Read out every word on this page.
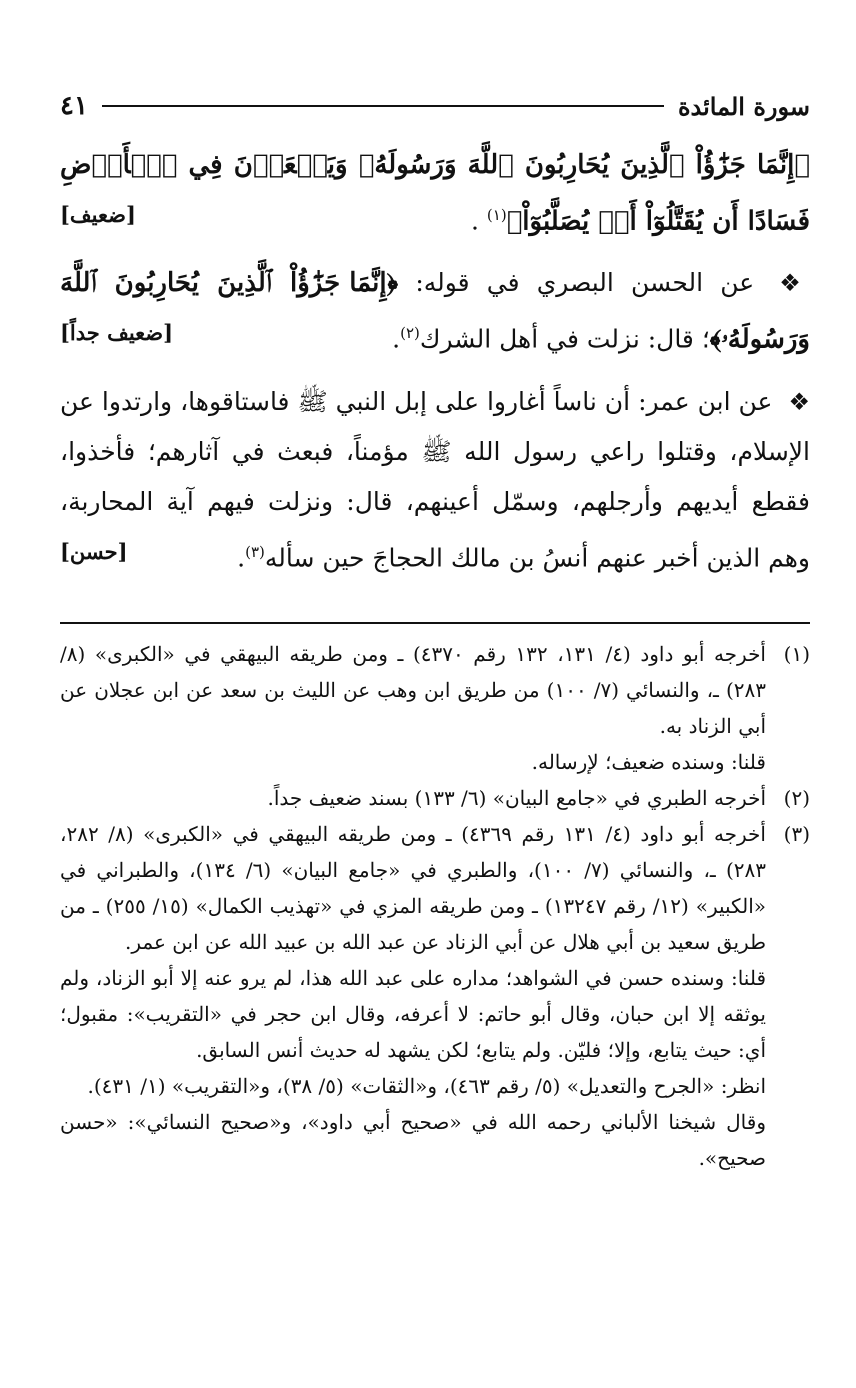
سورة المائدة
٤١

﴿إِنَّمَا جَزَٰٓؤُاْ ٱلَّذِينَ يُحَارِبُونَ ٱللَّهَ وَرَسُولَهُۥ وَيَسۡعَوۡنَ فِي ٱلۡأَرۡضِ فَسَادًا أَن يُقَتَّلُوٓاْ أَوۡ يُصَلَّبُوٓاْ﴾$^{(١)}$ .
[ضعيف]

❖ عن الحسن البصري في قوله: ﴿إِنَّمَا جَزَٰٓؤُاْ ٱلَّذِينَ يُحَارِبُونَ ٱللَّهَ وَرَسُولَهُۥ﴾؛ قال: نزلت في أهل الشرك$^{(٢)}$.
[ضعيف جداً]

❖ عن ابن عمر: أن ناساً أغاروا على إبل النبي ﷺ فاستاقوها، وارتدوا عن الإسلام، وقتلوا راعي رسول الله ﷺ مؤمناً، فبعث في آثارهم؛ فأخذوا، فقطع أيديهم وأرجلهم، وسمّل أعينهم، قال: ونزلت فيهم آية المحاربة، وهم الذين أخبر عنهم أنسُ بن مالك الحجاجَ حين سأله$^{(٣)}$.
[حسن]

(١)

أخرجه أبو داود (٤/ ١٣١، ١٣٢ رقم ٤٣٧٠) ـ ومن طريقه البيهقي في «الكبرى» (٨/ ٢٨٣) ـ، والنسائي (٧/ ١٠٠) من طريق ابن وهب عن الليث بن سعد عن ابن عجلان عن أبي الزناد به.

قلنا: وسنده ضعيف؛ لإرساله.

(٢)

أخرجه الطبري في «جامع البيان» (٦/ ١٣٣) بسند ضعيف جداً.

(٣)

أخرجه أبو داود (٤/ ١٣١ رقم ٤٣٦٩) ـ ومن طريقه البيهقي في «الكبرى» (٨/ ٢٨٢، ٢٨٣) ـ، والنسائي (٧/ ١٠٠)، والطبري في «جامع البيان» (٦/ ١٣٤)، والطبراني في «الكبير» (١٢/ رقم ١٣٢٤٧) ـ ومن طريقه المزي في «تهذيب الكمال» (١٥/ ٢٥٥) ـ من طريق سعيد بن أبي هلال عن أبي الزناد عن عبد الله بن عبيد الله عن ابن عمر.

قلنا: وسنده حسن في الشواهد؛ مداره على عبد الله هذا، لم يرو عنه إلا أبو الزناد، ولم يوثقه إلا ابن حبان، وقال أبو حاتم: لا أعرفه، وقال ابن حجر في «التقريب»: مقبول؛ أي: حيث يتابع، وإلا؛ فليّن. ولم يتابع؛ لكن يشهد له حديث أنس السابق.

انظر: «الجرح والتعديل» (٥/ رقم ٤٦٣)، و«الثقات» (٥/ ٣٨)، و«التقريب» (١/ ٤٣١).

وقال شيخنا الألباني رحمه الله في «صحيح أبي داود»، و«صحيح النسائي»: «حسن صحيح».
